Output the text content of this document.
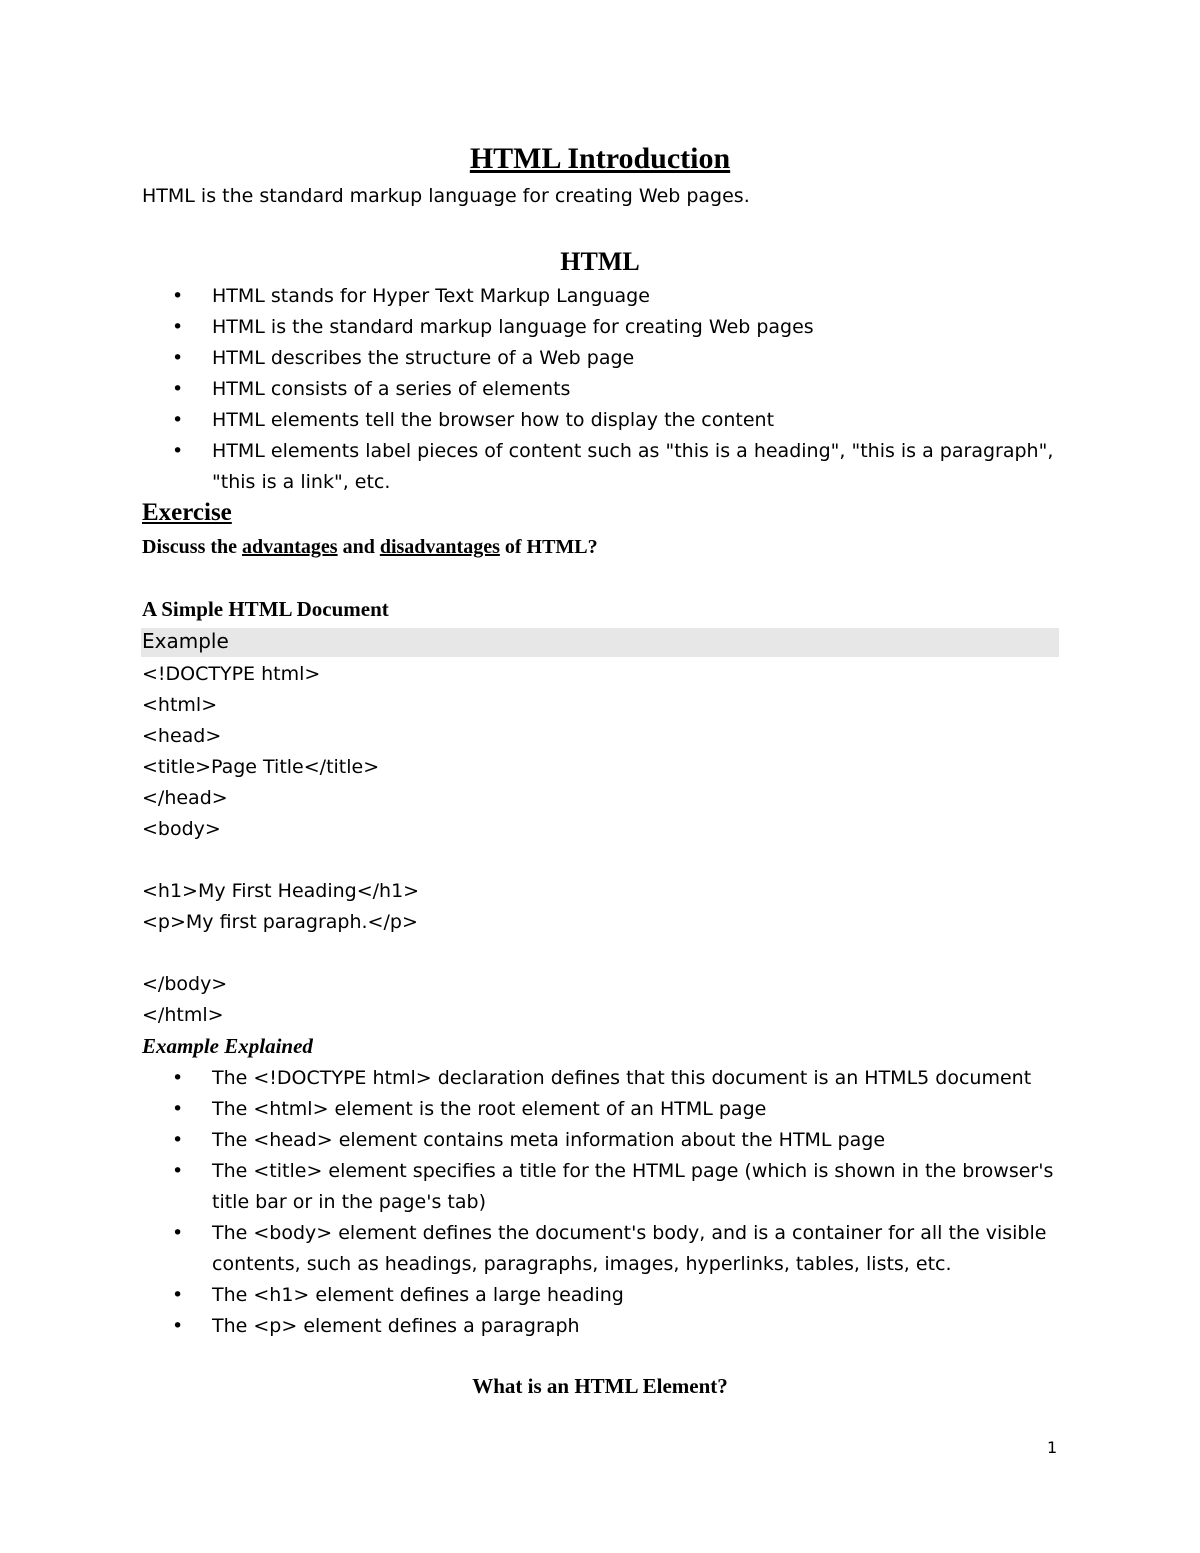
HTML Introduction
HTML is the standard markup language for creating Web pages.
HTML
• HTML stands for Hyper Text Markup Language
• HTML is the standard markup language for creating Web pages
• HTML describes the structure of a Web page
• HTML consists of a series of elements
• HTML elements tell the browser how to display the content
• HTML elements label pieces of content such as "this is a heading", "this is a paragraph",
"this is a link", etc.
Exercise
Discuss the advantages and disadvantages of HTML?
A Simple HTML Document
Example
<!DOCTYPE html>
<html>
<head>
<title>Page Title</title>
</head>
<body>
<h1>My First Heading</h1>
<p>My first paragraph.</p>
</body>
</html>
Example Explained
• The <!DOCTYPE html> declaration defines that this document is an HTML5 document
• The <html> element is the root element of an HTML page
• The <head> element contains meta information about the HTML page
• The <title> element specifies a title for the HTML page (which is shown in the browser's
title bar or in the page's tab)
• The <body> element defines the document's body, and is a container for all the visible
contents, such as headings, paragraphs, images, hyperlinks, tables, lists, etc.
• The <h1> element defines a large heading
• The <p> element defines a paragraph
What is an HTML Element?
1
